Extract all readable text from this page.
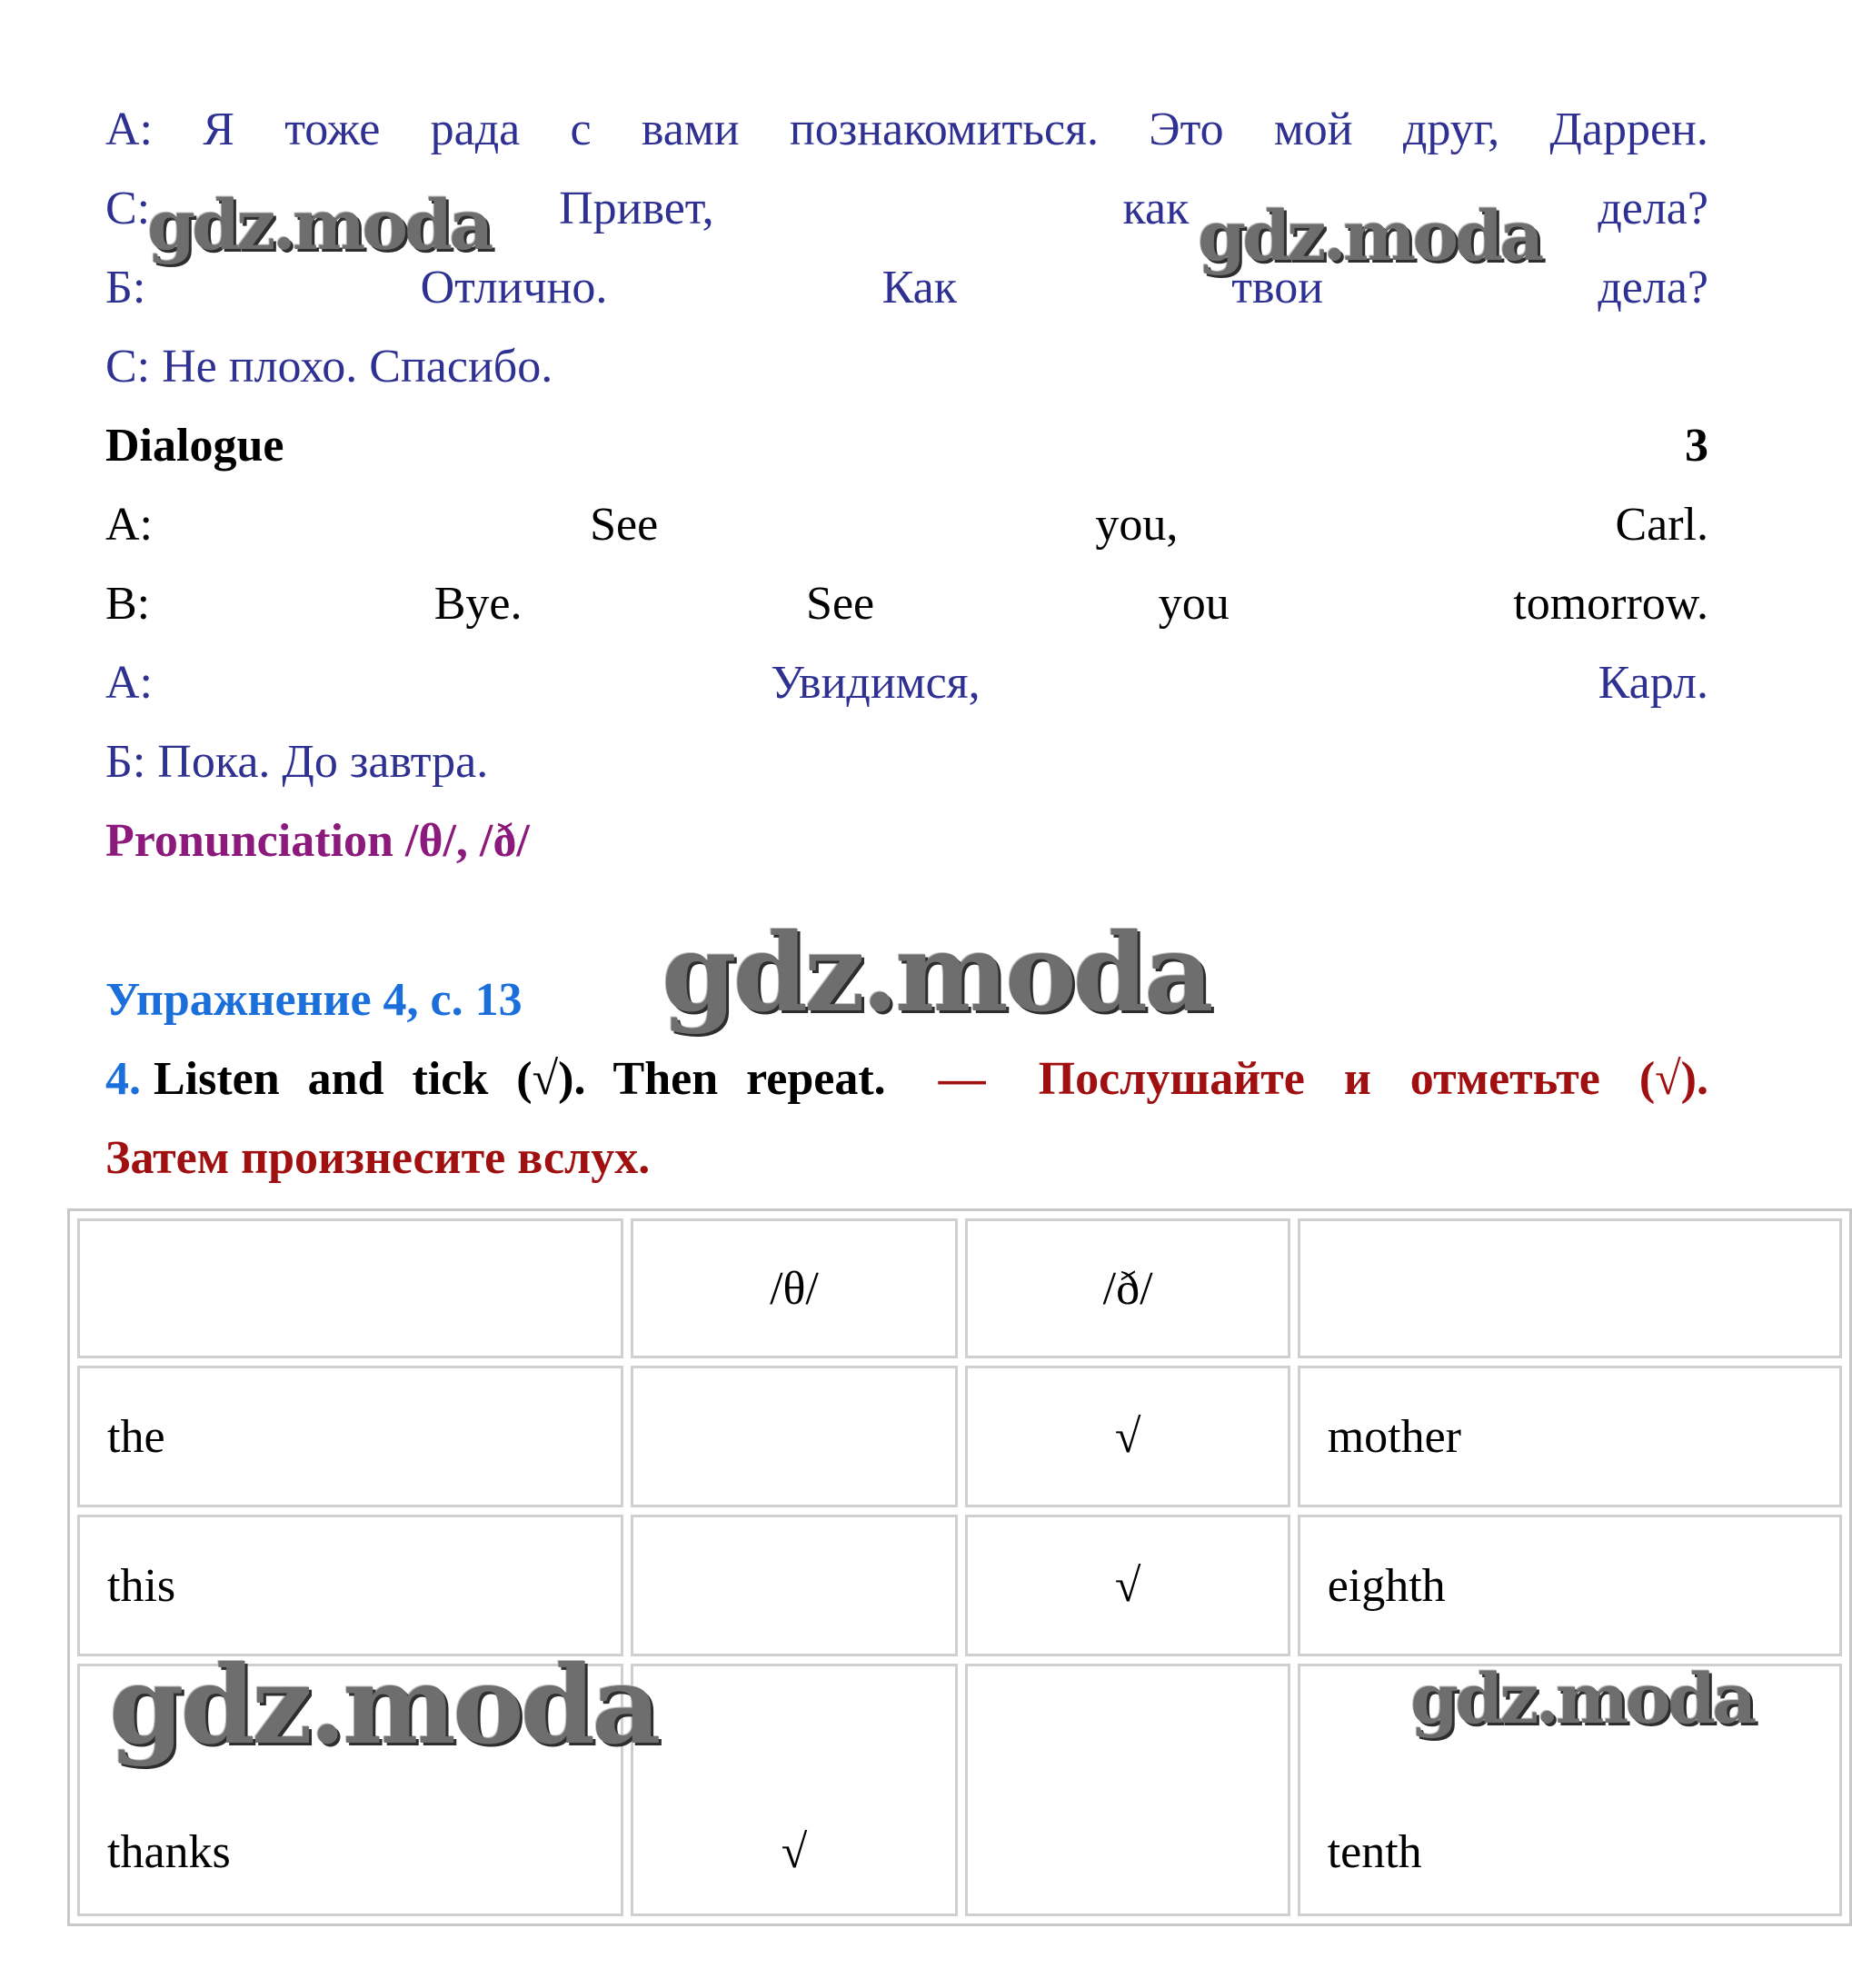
А: Я тоже рада с вами познакомиться. Это мой друг, Даррен.
С:	Привет,	как	дела?
Б:	Отлично.	Как	твои	дела?
С: Не плохо. Спасибо.
Dialogue	3
A:	See	you,	Carl.
B:	Bye.	See	you	tomorrow.
А:	Увидимся,	Карл.
Б: Пока. До завтра.
Pronunciation /θ/, /ð/
Упражнение 4, с. 13
4. Listen and tick (√). Then repeat. — Послушайте и отметьте (√).
Затем произнесите вслух.
	/θ/	/ð/	
the		√	mother
this		√	eighth
thanks	√		tenth
gdz.moda	gdz.moda
gdz.moda
gdz.moda	gdz.moda
